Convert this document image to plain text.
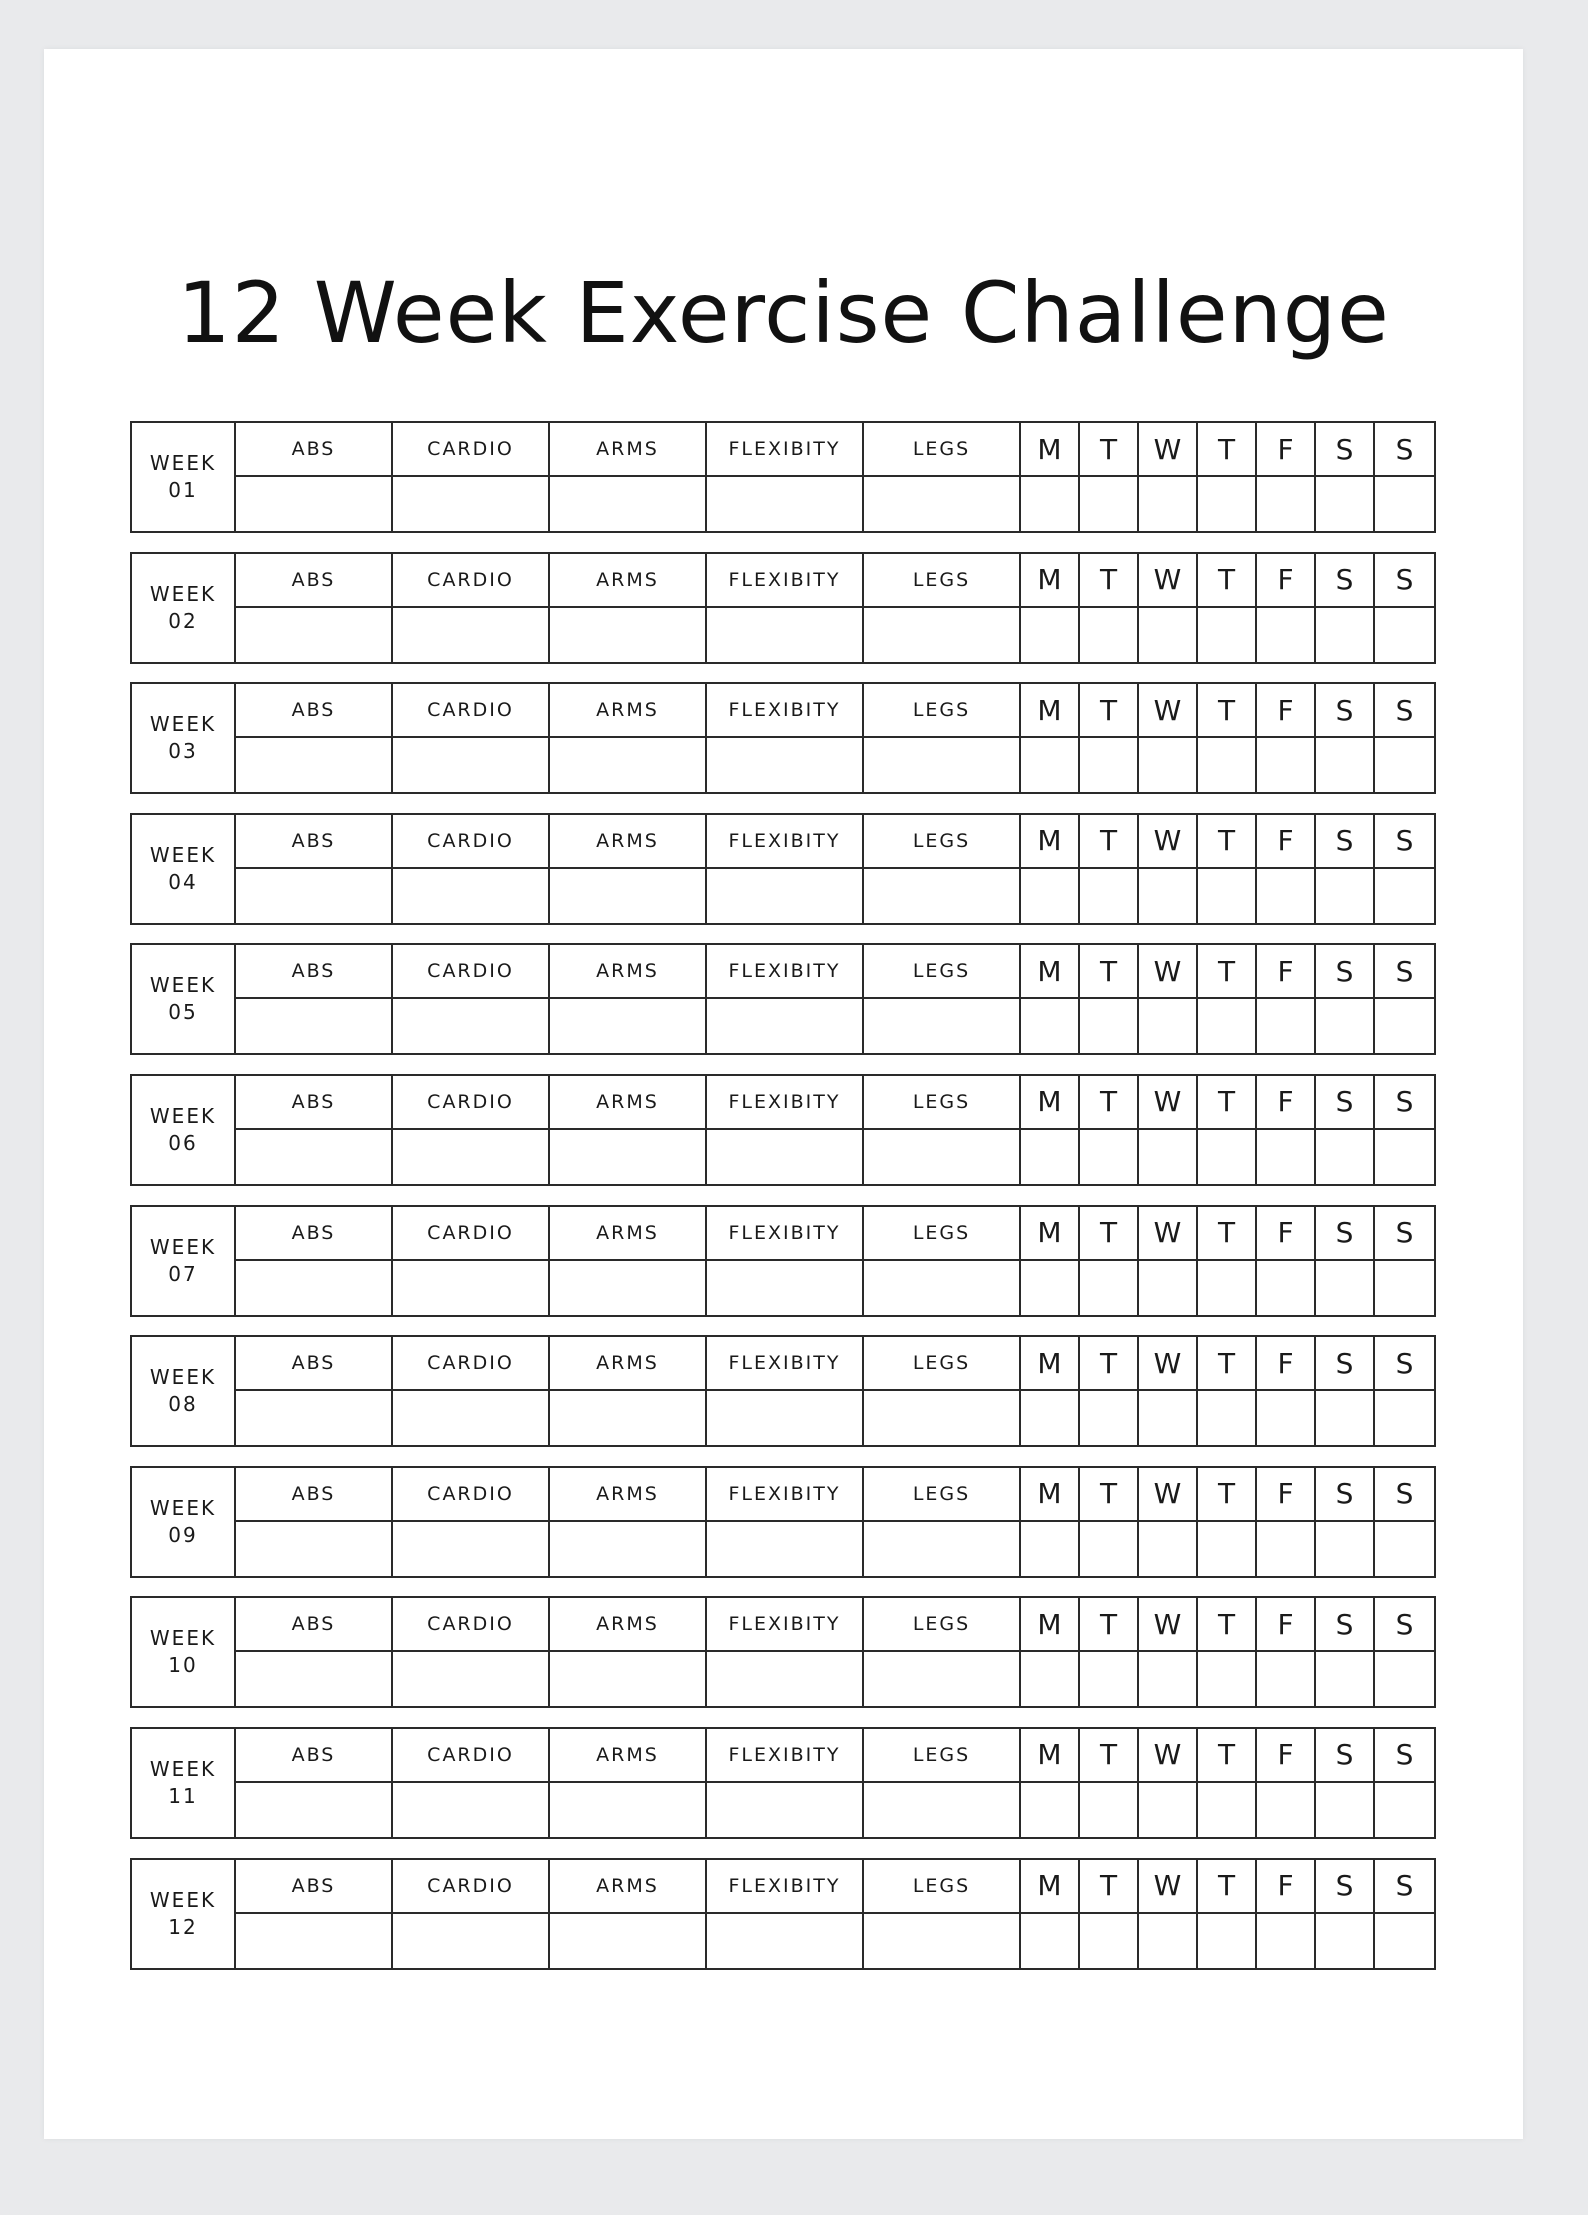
12 Week Exercise Challenge
WEEK
01
ABS	CARDIO	ARMS	FLEXIBITY	LEGS	M	T	W	T	F	S	S
WEEK
02
ABS	CARDIO	ARMS	FLEXIBITY	LEGS	M	T	W	T	F	S	S
WEEK
03
ABS	CARDIO	ARMS	FLEXIBITY	LEGS	M	T	W	T	F	S	S
WEEK
04
ABS	CARDIO	ARMS	FLEXIBITY	LEGS	M	T	W	T	F	S	S
WEEK
05
ABS	CARDIO	ARMS	FLEXIBITY	LEGS	M	T	W	T	F	S	S
WEEK
06
ABS	CARDIO	ARMS	FLEXIBITY	LEGS	M	T	W	T	F	S	S
WEEK
07
ABS	CARDIO	ARMS	FLEXIBITY	LEGS	M	T	W	T	F	S	S
WEEK
08
ABS	CARDIO	ARMS	FLEXIBITY	LEGS	M	T	W	T	F	S	S
WEEK
09
ABS	CARDIO	ARMS	FLEXIBITY	LEGS	M	T	W	T	F	S	S
WEEK
10
ABS	CARDIO	ARMS	FLEXIBITY	LEGS	M	T	W	T	F	S	S
WEEK
11
ABS	CARDIO	ARMS	FLEXIBITY	LEGS	M	T	W	T	F	S	S
WEEK
12
ABS	CARDIO	ARMS	FLEXIBITY	LEGS	M	T	W	T	F	S	S
